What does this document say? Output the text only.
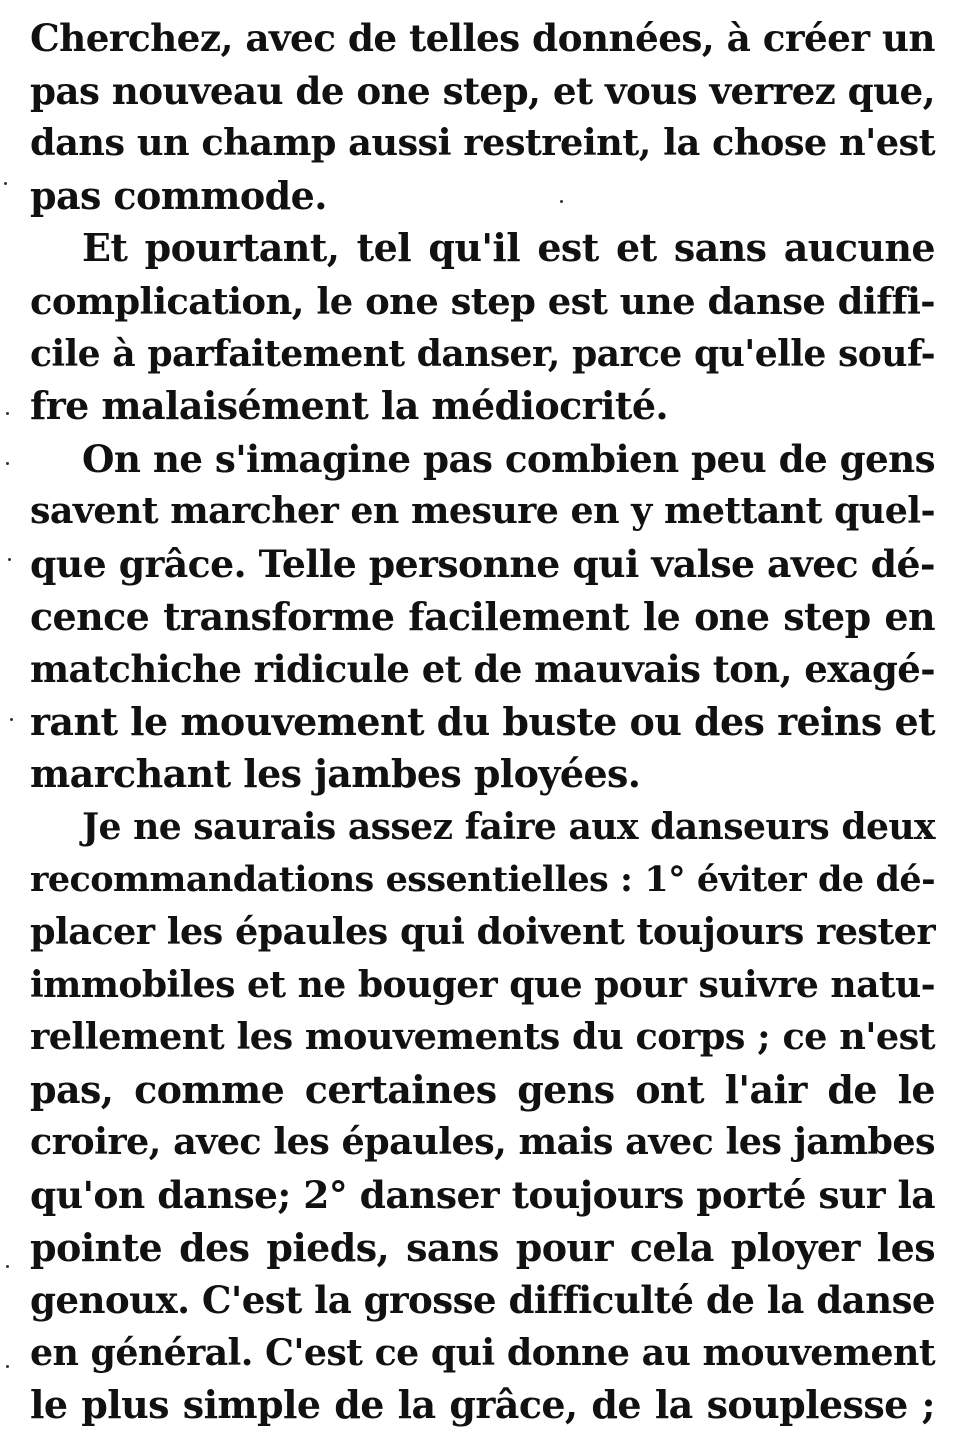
Cherchez, avec de telles données, à créer un
pas nouveau de one step, et vous verrez que,
dans un champ aussi restreint, la chose n'est
pas commode.
Et pourtant, tel qu'il est et sans aucune
complication, le one step est une danse diffi-
cile à parfaitement danser, parce qu'elle souf-
fre malaisément la médiocrité.
On ne s'imagine pas combien peu de gens
savent marcher en mesure en y mettant quel-
que grâce. Telle personne qui valse avec dé-
cence transforme facilement le one step en
matchiche ridicule et de mauvais ton, exagé-
rant le mouvement du buste ou des reins et
marchant les jambes ployées.
Je ne saurais assez faire aux danseurs deux
recommandations essentielles : 1° éviter de dé-
placer les épaules qui doivent toujours rester
immobiles et ne bouger que pour suivre natu-
rellement les mouvements du corps ; ce n'est
pas, comme certaines gens ont l'air de le
croire, avec les épaules, mais avec les jambes
qu'on danse; 2° danser toujours porté sur la
pointe des pieds, sans pour cela ployer les
genoux. C'est la grosse difficulté de la danse
en général. C'est ce qui donne au mouvement
le plus simple de la grâce, de la souplesse ;
